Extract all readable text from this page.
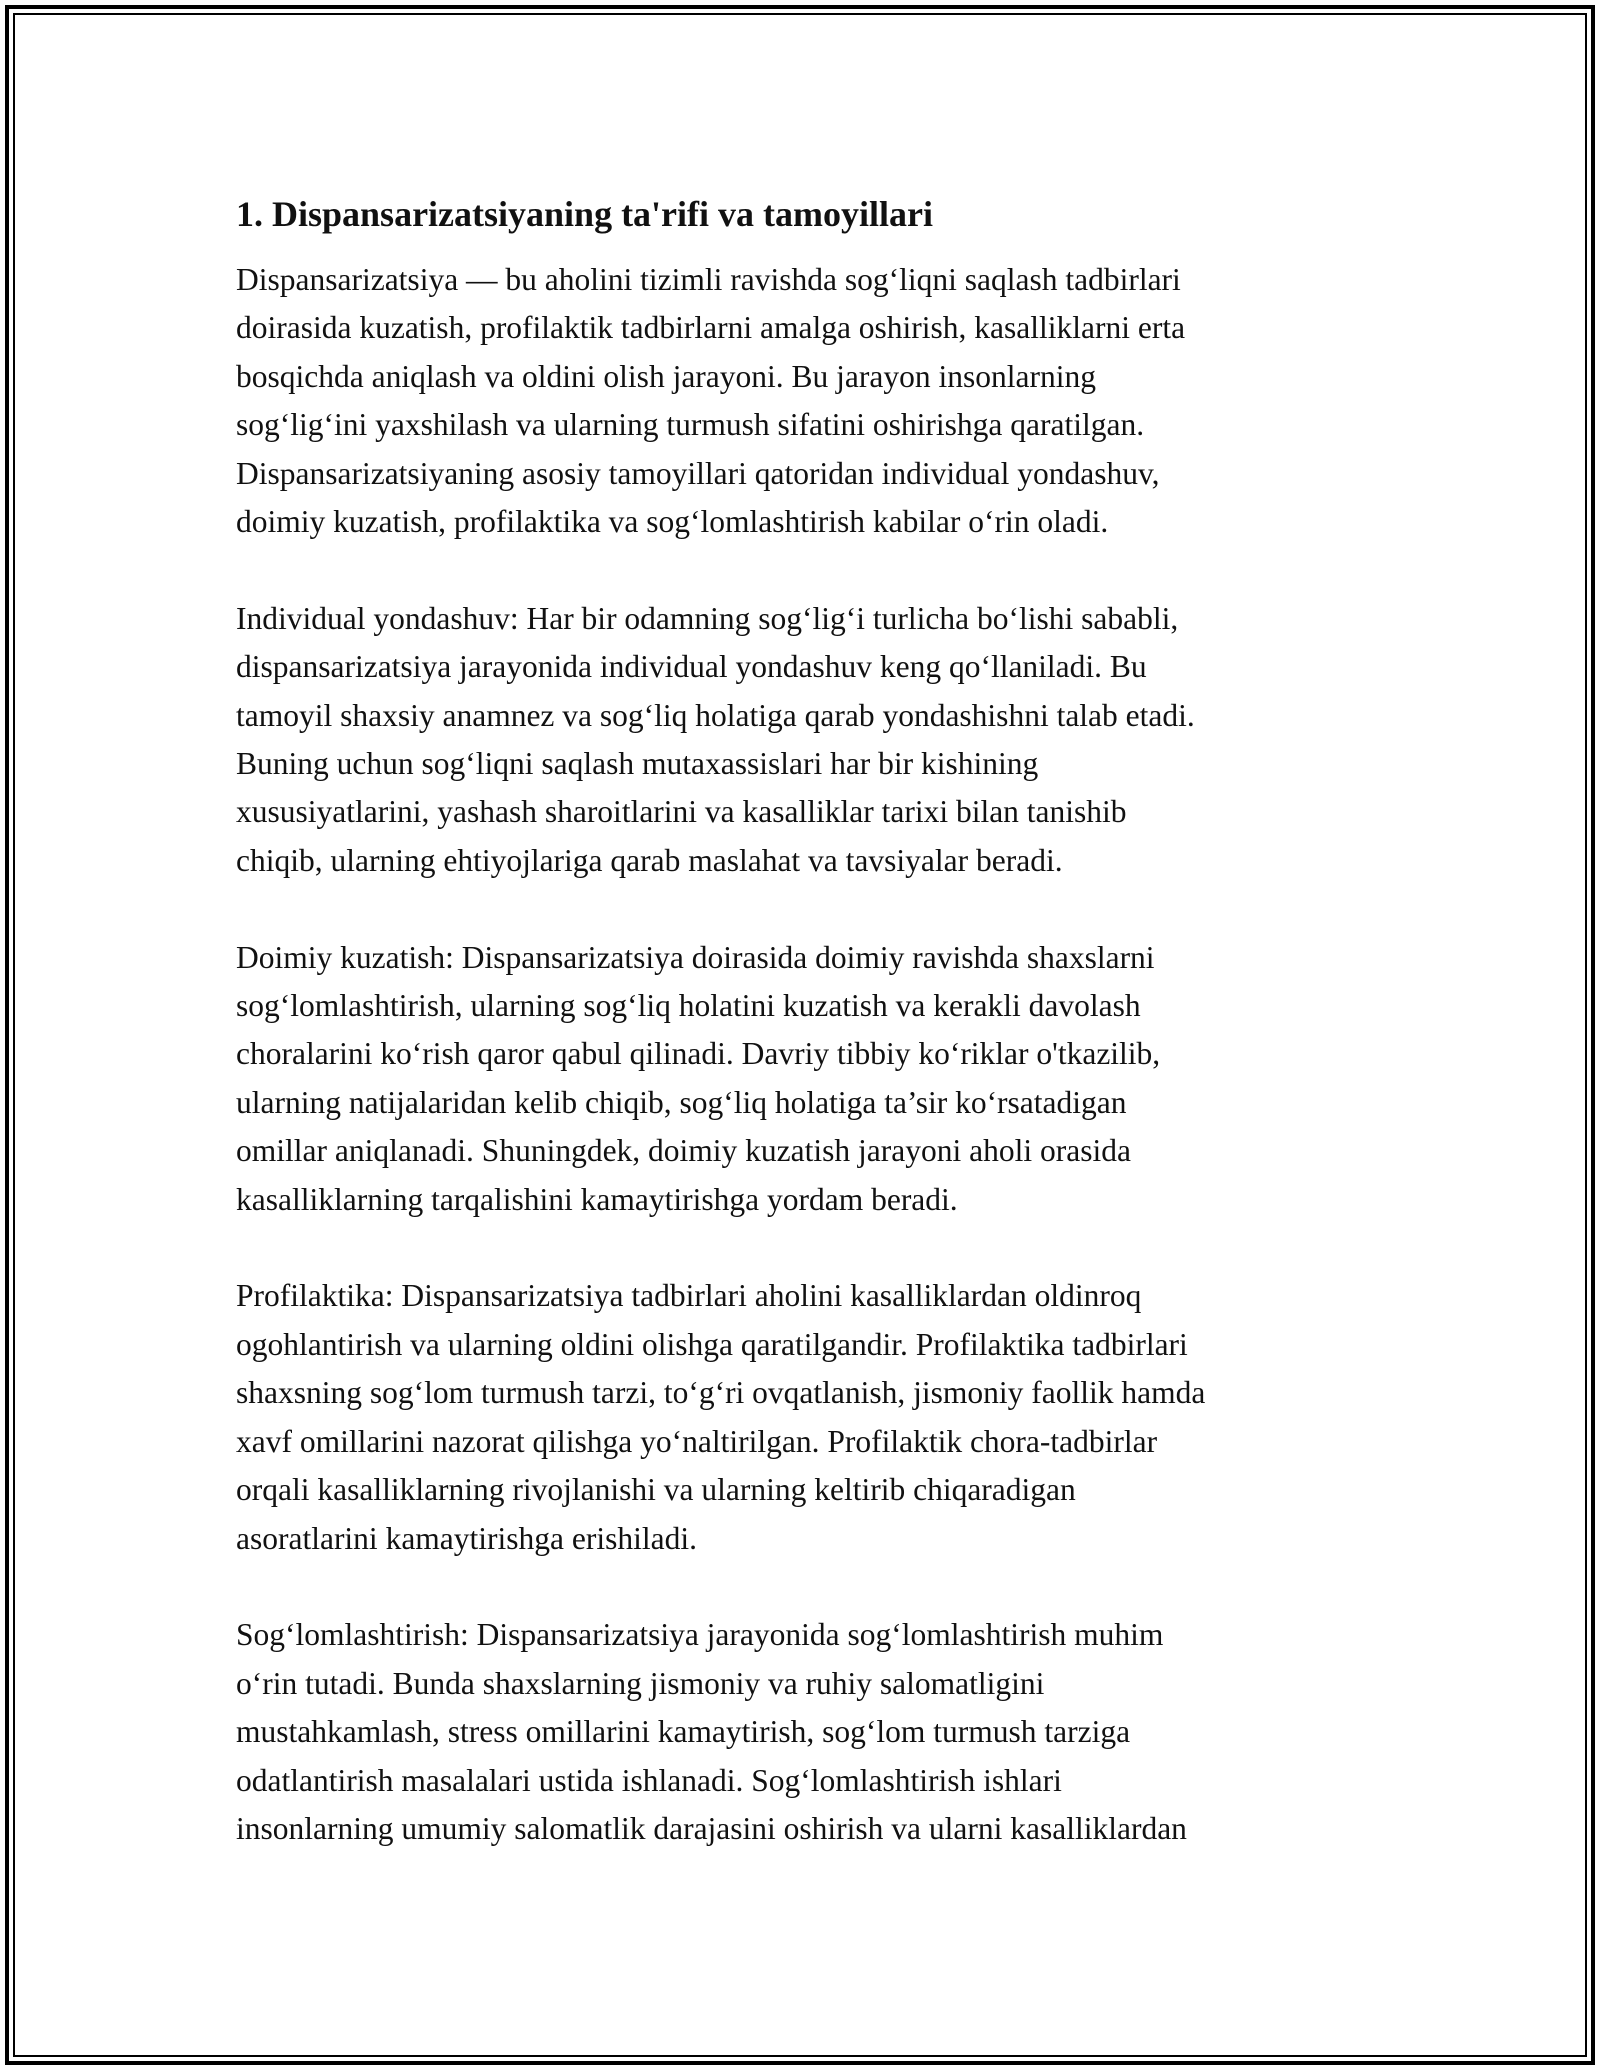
1. Dispansarizatsiyaning ta'rifi va tamoyillari

Dispansarizatsiya — bu aholini tizimli ravishda sog‘liqni saqlash tadbirlari
doirasida kuzatish, profilaktik tadbirlarni amalga oshirish, kasalliklarni erta
bosqichda aniqlash va oldini olish jarayoni. Bu jarayon insonlarning
sog‘lig‘ini yaxshilash va ularning turmush sifatini oshirishga qaratilgan.
Dispansarizatsiyaning asosiy tamoyillari qatoridan individual yondashuv,
doimiy kuzatish, profilaktika va sog‘lomlashtirish kabilar o‘rin oladi.

Individual yondashuv: Har bir odamning sog‘lig‘i turlicha bo‘lishi sababli,
dispansarizatsiya jarayonida individual yondashuv keng qo‘llaniladi. Bu
tamoyil shaxsiy anamnez va sog‘liq holatiga qarab yondashishni talab etadi.
Buning uchun sog‘liqni saqlash mutaxassislari har bir kishining
xususiyatlarini, yashash sharoitlarini va kasalliklar tarixi bilan tanishib
chiqib, ularning ehtiyojlariga qarab maslahat va tavsiyalar beradi.

Doimiy kuzatish: Dispansarizatsiya doirasida doimiy ravishda shaxslarni
sog‘lomlashtirish, ularning sog‘liq holatini kuzatish va kerakli davolash
choralarini ko‘rish qaror qabul qilinadi. Davriy tibbiy ko‘riklar o'tkazilib,
ularning natijalaridan kelib chiqib, sog‘liq holatiga ta’sir ko‘rsatadigan
omillar aniqlanadi. Shuningdek, doimiy kuzatish jarayoni aholi orasida
kasalliklarning tarqalishini kamaytirishga yordam beradi.

Profilaktika: Dispansarizatsiya tadbirlari aholini kasalliklardan oldinroq
ogohlantirish va ularning oldini olishga qaratilgandir. Profilaktika tadbirlari
shaxsning sog‘lom turmush tarzi, to‘g‘ri ovqatlanish, jismoniy faollik hamda
xavf omillarini nazorat qilishga yo‘naltirilgan. Profilaktik chora-tadbirlar
orqali kasalliklarning rivojlanishi va ularning keltirib chiqaradigan
asoratlarini kamaytirishga erishiladi.

Sog‘lomlashtirish: Dispansarizatsiya jarayonida sog‘lomlashtirish muhim
o‘rin tutadi. Bunda shaxslarning jismoniy va ruhiy salomatligini
mustahkamlash, stress omillarini kamaytirish, sog‘lom turmush tarziga
odatlantirish masalalari ustida ishlanadi. Sog‘lomlashtirish ishlari
insonlarning umumiy salomatlik darajasini oshirish va ularni kasalliklardan
